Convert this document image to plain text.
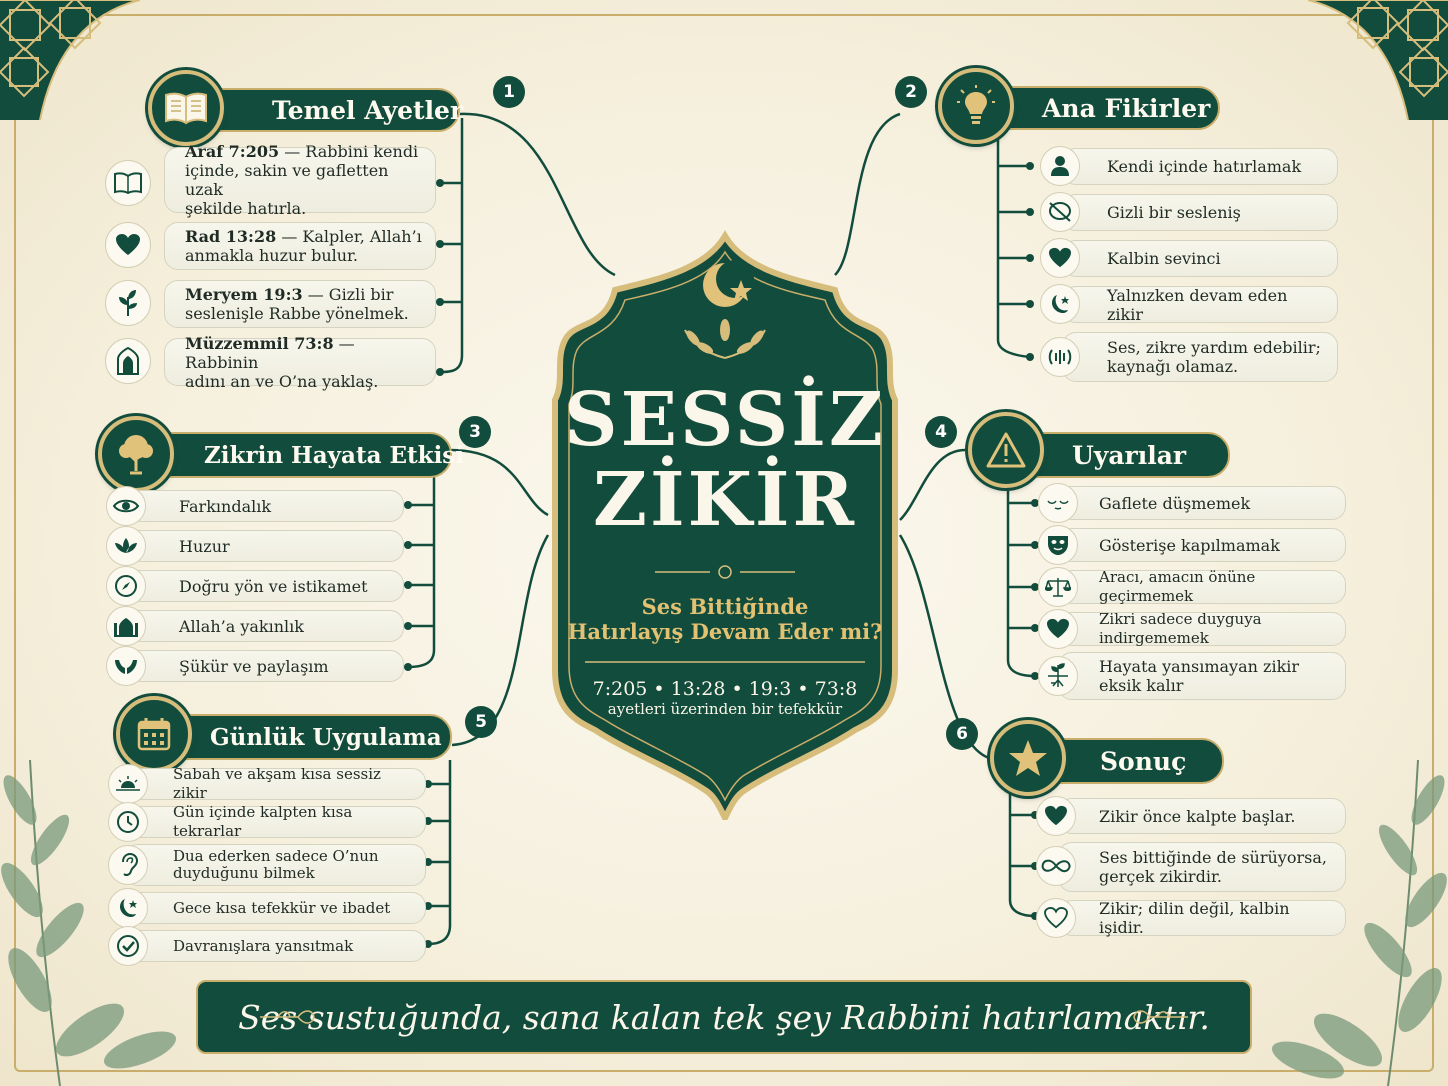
SESSİZ
ZİKİR
Ses Bittiğinde
Hatırlayış Devam Eder mi?
7:205 • 13:28 • 19:3 • 73:8
ayetleri üzerinden bir tefekkür
Temel Ayetler
1
Araf 7:205 — Rabbini kendi
içinde, sakin ve gafletten uzak
şekilde hatırla.
Rad 13:28 — Kalpler, Allah’ı
anmakla huzur bulur.
Meryem 19:3 — Gizli bir
seslenişle Rabbe yönelmek.
Müzzemmil 73:8 — Rabbinin
adını an ve O’na yaklaş.
Ana Fikirler
2
Kendi içinde hatırlamak
Gizli bir sesleniş
Kalbin sevinci
Yalnızken devam eden zikir
Ses, zikre yardım edebilir;
kaynağı olamaz.
Zikrin Hayata Etkisi
3
Farkındalık
Huzur
Doğru yön ve istikamet
Allah’a yakınlık
Şükür ve paylaşım
Uyarılar
4
Gaflete düşmemek
Gösterişe kapılmamak
Aracı, amacın önüne geçirmemek
Zikri sadece duyguya indirgememek
Hayata yansımayan zikir
eksik kalır
Günlük Uygulama
5
Sabah ve akşam kısa sessiz zikir
Gün içinde kalpten kısa tekrarlar
Dua ederken sadece O’nun
duyduğunu bilmek
Gece kısa tefekkür ve ibadet
Davranışlara yansıtmak
Sonuç
6
Zikir önce kalpte başlar.
Ses bittiğinde de sürüyorsa,
gerçek zikirdir.
Zikir; dilin değil, kalbin işidir.
Ses sustuğunda, sana kalan tek şey Rabbini hatırlamaktır.
